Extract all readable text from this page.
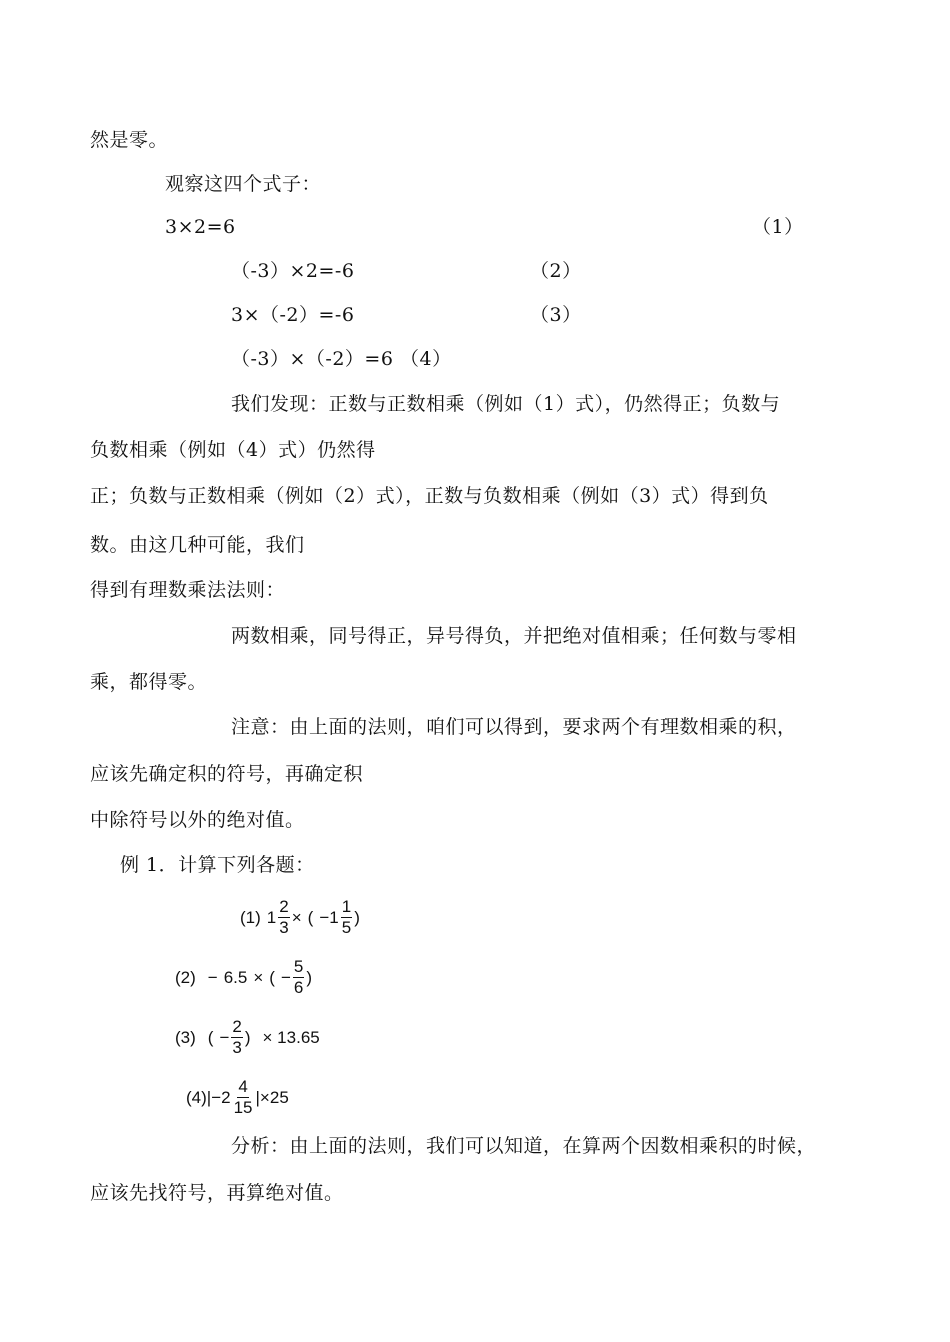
然是零。
观察这四个式子：
3×2=6	（1）
（-3）×2=-6	（2）
3×（-2）=-6	（3）
（-3）×（-2）=6 （4）
我们发现：正数与正数相乘（例如（1）式），仍然得正；负数与
负数相乘（例如（4）式）仍然得
正；负数与正数相乘（例如（2）式），正数与负数相乘（例如（3）式）得到负
数。由这几种可能，我们
得到有理数乘法法则：
两数相乘，同号得正，异号得负，并把绝对值相乘；任何数与零相
乘，都得零。
注意：由上面的法则，咱们可以得到，要求两个有理数相乘的积，
应该先确定积的符号，再确定积
中除符号以外的绝对值。
例 1．计算下列各题：
(1) $1 \frac{2}{3}$ × ( − $1 \frac{1}{5}$ )
(2) − 6.5 × ( − $\frac{5}{6}$ )
(3) ( − $\frac{2}{3}$ ) × 13.65
(4) $|-2 \frac{4}{15} |\times 25$
分析：由上面的法则，我们可以知道，在算两个因数相乘积的时候，
应该先找符号，再算绝对值。
